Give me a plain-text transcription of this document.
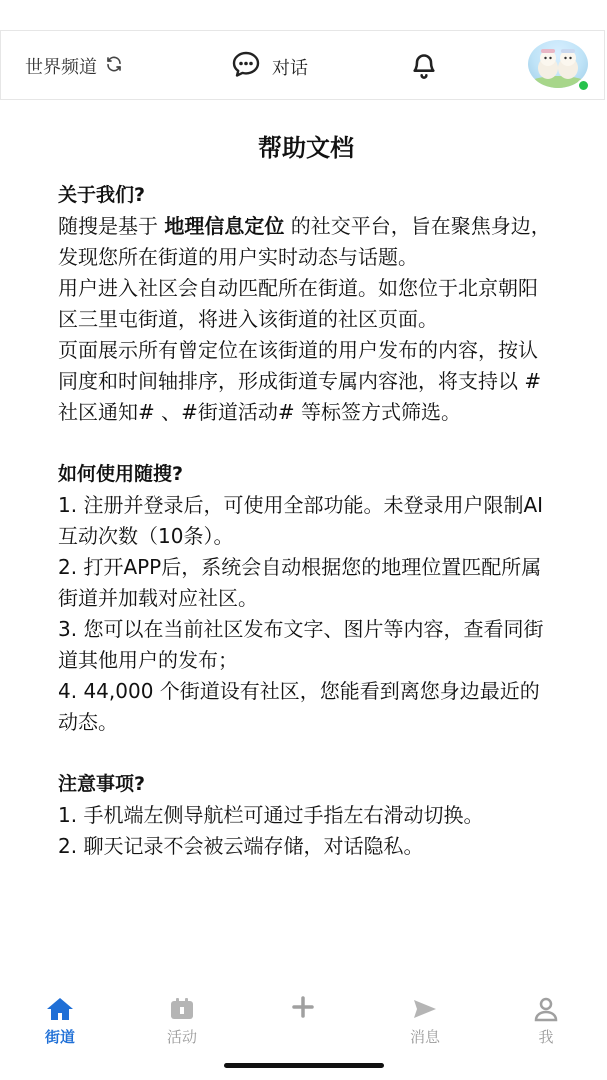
世界频道	对话
帮助文档
关于我们?

随搜是基于 地理信息定位 的社交平台，旨在聚焦身边，发现您所在街道的用户实时动态与话题。

用户进入社区会自动匹配所在街道。如您位于北京朝阳区三里屯街道，将进入该街道的社区页面。

页面展示所有曾定位在该街道的用户发布的内容，按认同度和时间轴排序，形成街道专属内容池，将支持以 #社区通知# 、#街道活动# 等标签方式筛选。

如何使用随搜?

1. 注册并登录后，可使用全部功能。未登录用户限制AI互动次数（10条）。

2. 打开APP后，系统会自动根据您的地理位置匹配所属街道并加载对应社区。

3. 您可以在当前社区发布文字、图片等内容，查看同街道其他用户的发布；

4. 44,000 个街道设有社区，您能看到离您身边最近的动态。

注意事项?

1. 手机端左侧导航栏可通过手指左右滑动切换。

2. 聊天记录不会被云端存储，对话隐私。

街道	活动	消息	我
